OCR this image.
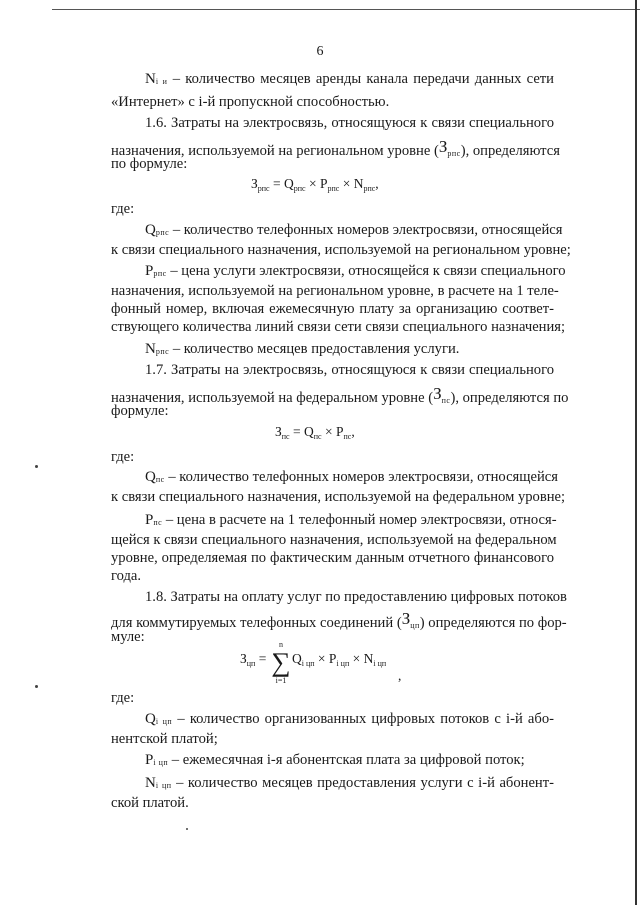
6
Ni и – количество месяцев аренды канала передачи данных сети
«Интернет» с i-й пропускной способностью.
1.6. Затраты на электросвязь, относящуюся к связи специального
назначения, используемой на региональном уровне (Зрпс), определяются
по формуле:
$З_{рпс} = Q_{рпс} \times P_{рпс} \times N_{рпс}$,
где:
Qрпс – количество телефонных номеров электросвязи, относящейся
к связи специального назначения, используемой на региональном уровне;
Pрпс – цена услуги электросвязи, относящейся к связи специального
назначения, используемой на региональном уровне, в расчете на 1 теле-
фонный номер, включая ежемесячную плату за организацию соответ-
ствующего количества линий связи сети связи специального назначения;
Nрпс – количество месяцев предоставления услуги.
1.7. Затраты на электросвязь, относящуюся к связи специального
назначения, используемой на федеральном уровне (Зпс), определяются по
формуле:
$З_{пс} = Q_{пс} \times P_{пс}$,
где:
Qпс – количество телефонных номеров электросвязи, относящейся
к связи специального назначения, используемой на федеральном уровне;
Pпс – цена в расчете на 1 телефонный номер электросвязи, относя-
щейся к связи специального назначения, используемой на федеральном
уровне, определяемая по фактическим данным отчетного финансового
года.
1.8. Затраты на оплату услуг по предоставлению цифровых потоков
для коммутируемых телефонных соединений (Зцп) определяются по фор-
муле:
$З_{цп}$ =
n
∑
i=1
$Q_{i цп} \times P_{i цп} \times N_{i цп}$
,
где:
Qi цп – количество организованных цифровых потоков с i-й або-
нентской платой;
Pi цп – ежемесячная i-я абонентская плата за цифровой поток;
Ni цп – количество месяцев предоставления услуги с i-й абонент-
ской платой.
